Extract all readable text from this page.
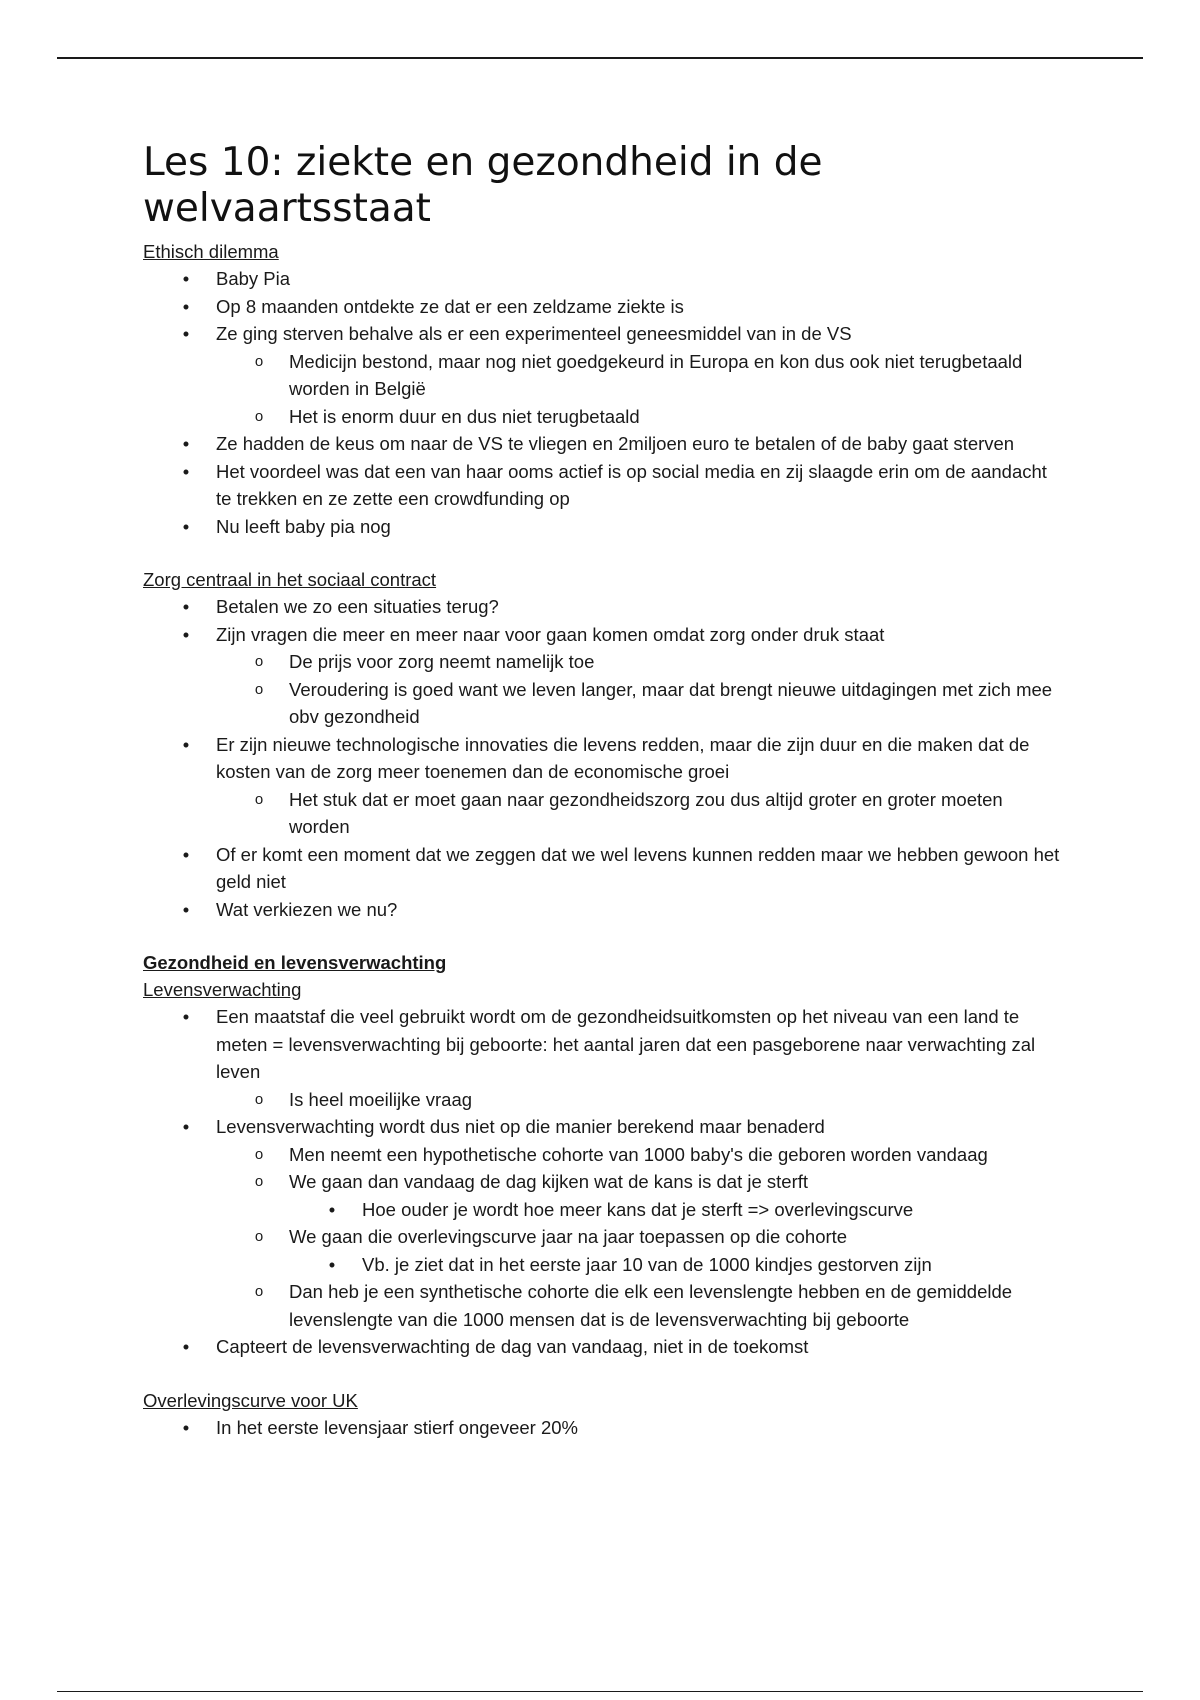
Les 10: ziekte en gezondheid in de welvaartsstaat
Ethisch dilemma
•	Baby Pia
•	Op 8 maanden ontdekte ze dat er een zeldzame ziekte is
•	Ze ging sterven behalve als er een experimenteel geneesmiddel van in de VS
o	Medicijn bestond, maar nog niet goedgekeurd in Europa en kon dus ook niet terugbetaald worden in België
o	Het is enorm duur en dus niet terugbetaald
•	Ze hadden de keus om naar de VS te vliegen en 2miljoen euro te betalen of de baby gaat sterven
•	Het voordeel was dat een van haar ooms actief is op social media en zij slaagde erin om de aandacht te trekken en ze zette een crowdfunding op
•	Nu leeft baby pia nog
Zorg centraal in het sociaal contract
•	Betalen we zo een situaties terug?
•	Zijn vragen die meer en meer naar voor gaan komen omdat zorg onder druk staat
o	De prijs voor zorg neemt namelijk toe
o	Veroudering is goed want we leven langer, maar dat brengt nieuwe uitdagingen met zich mee obv gezondheid
•	Er zijn nieuwe technologische innovaties die levens redden, maar die zijn duur en die maken dat de kosten van de zorg meer toenemen dan de economische groei
o	Het stuk dat er moet gaan naar gezondheidszorg zou dus altijd groter en groter moeten worden
•	Of er komt een moment dat we zeggen dat we wel levens kunnen redden maar we hebben gewoon het geld niet
•	Wat verkiezen we nu?
Gezondheid en levensverwachting
Levensverwachting
•	Een maatstaf die veel gebruikt wordt om de gezondheidsuitkomsten op het niveau van een land te meten = levensverwachting bij geboorte: het aantal jaren dat een pasgeborene naar verwachting zal leven
o	Is heel moeilijke vraag
•	Levensverwachting wordt dus niet op die manier berekend maar benaderd
o	Men neemt een hypothetische cohorte van 1000 baby's die geboren worden vandaag
o	We gaan dan vandaag de dag kijken wat de kans is dat je sterft
•	Hoe ouder je wordt hoe meer kans dat je sterft => overlevingscurve
o	We gaan die overlevingscurve jaar na jaar toepassen op die cohorte
•	Vb. je ziet dat in het eerste jaar 10 van de 1000 kindjes gestorven zijn
o	Dan heb je een synthetische cohorte die elk een levenslengte hebben en de gemiddelde levenslengte van die 1000 mensen dat is de levensverwachting bij geboorte
•	Capteert de levensverwachting de dag van vandaag, niet in de toekomst
Overlevingscurve voor UK
•	In het eerste levensjaar stierf ongeveer 20%
